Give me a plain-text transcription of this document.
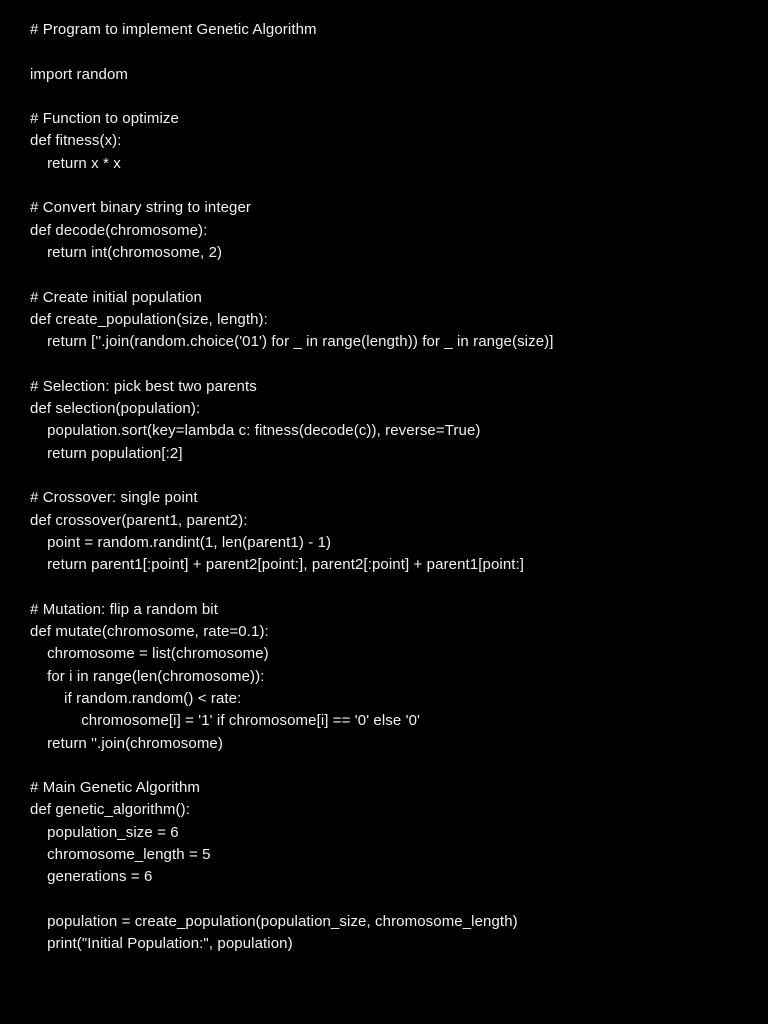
# Program to implement Genetic Algorithm
import random
# Function to optimize
def fitness(x):
return x * x
# Convert binary string to integer
def decode(chromosome):
return int(chromosome, 2)
# Create initial population
def create_population(size, length):
return [''.join(random.choice('01') for _ in range(length)) for _ in range(size)]
# Selection: pick best two parents
def selection(population):
population.sort(key=lambda c: fitness(decode(c)), reverse=True)
return population[:2]
# Crossover: single point
def crossover(parent1, parent2):
point = random.randint(1, len(parent1) - 1)
return parent1[:point] + parent2[point:], parent2[:point] + parent1[point:]
# Mutation: flip a random bit
def mutate(chromosome, rate=0.1):
chromosome = list(chromosome)
for i in range(len(chromosome)):
if random.random() < rate:
chromosome[i] = '1' if chromosome[i] == '0' else '0'
return ''.join(chromosome)
# Main Genetic Algorithm
def genetic_algorithm():
population_size = 6
chromosome_length = 5
generations = 6
population = create_population(population_size, chromosome_length)
print("Initial Population:", population)
